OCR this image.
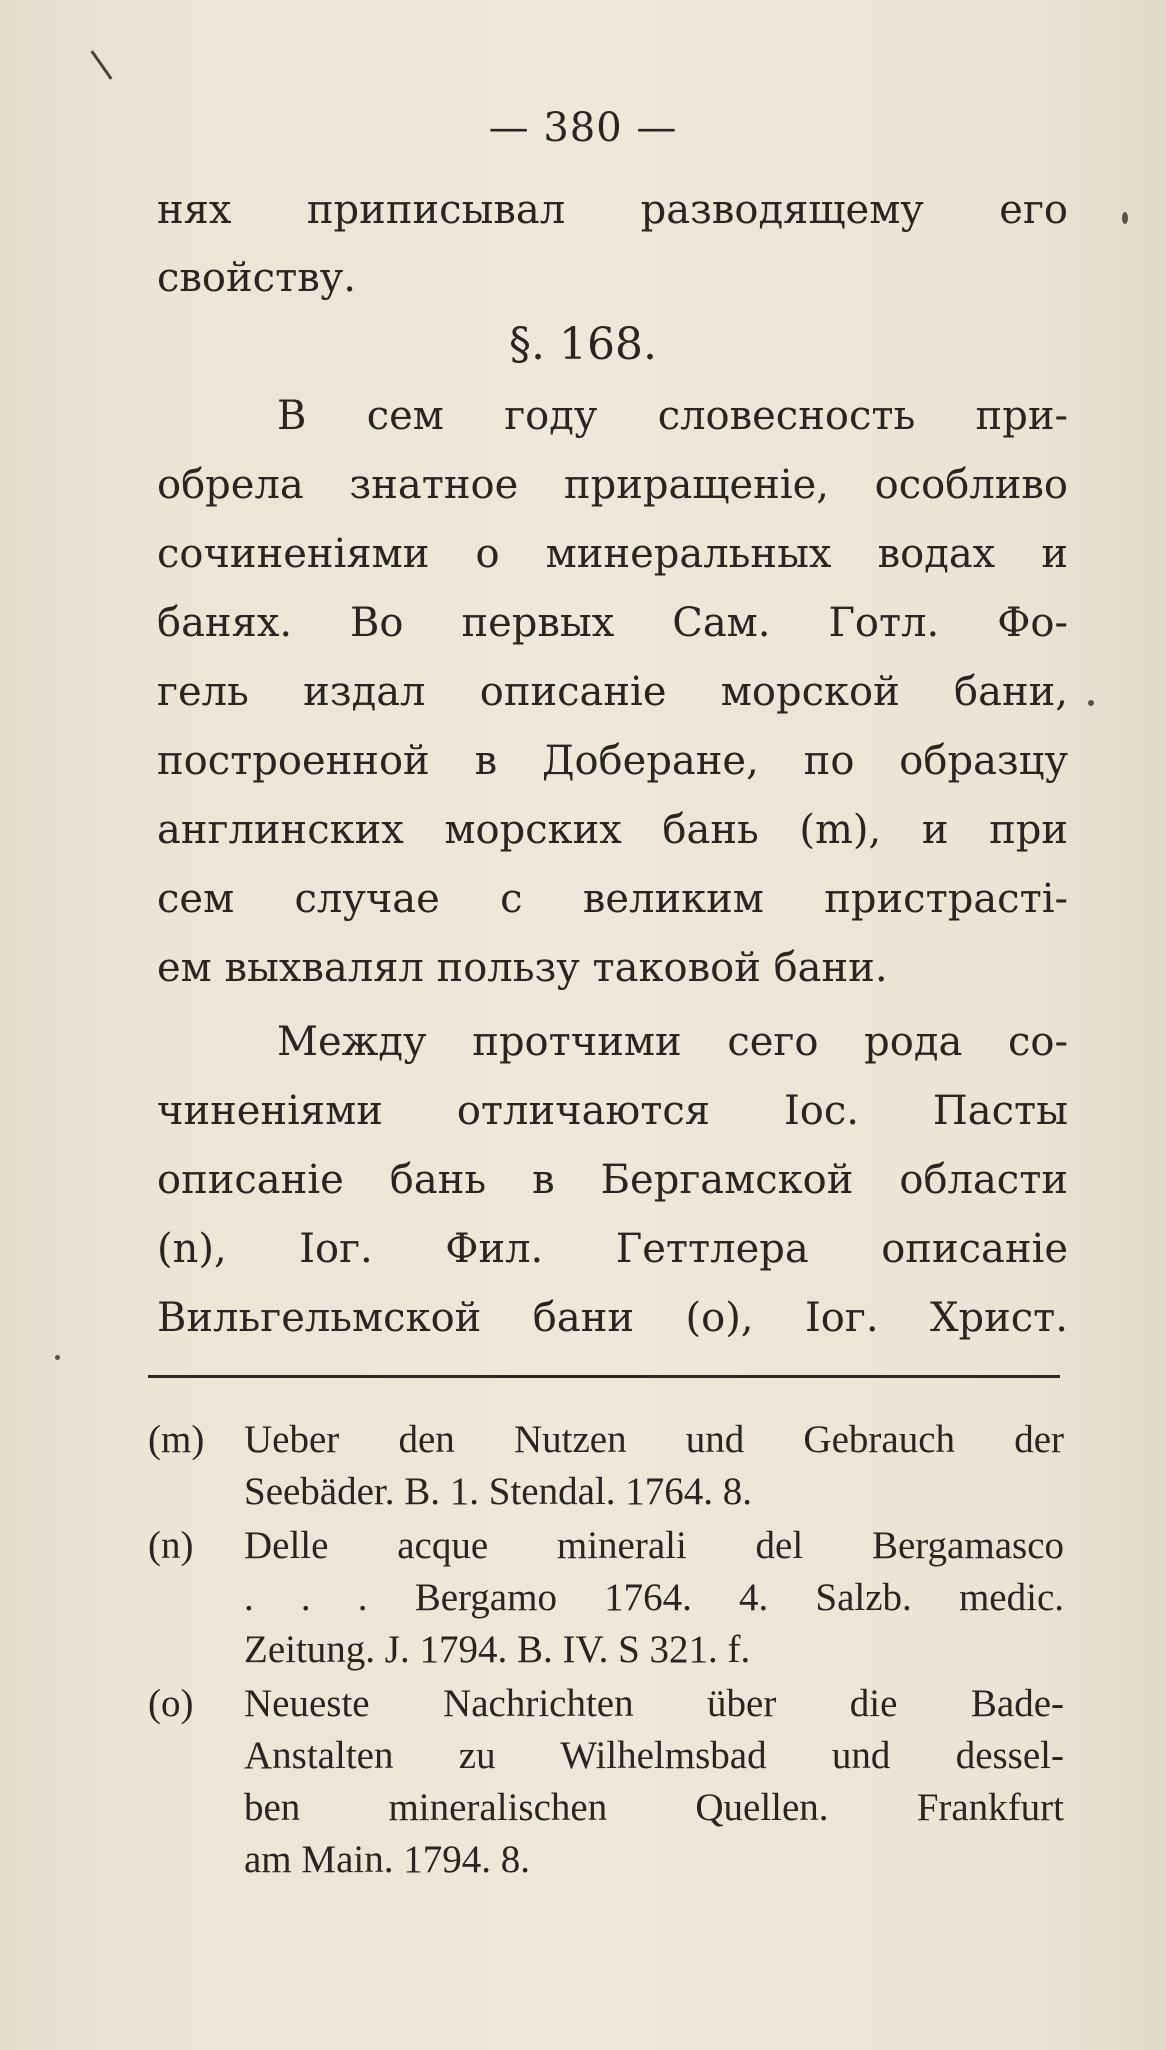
— 380 —
нях приписывал разводящему его
свойству.
§. 168.
В сем году словесность при-
обрела знатное приращеніе, особливо
сочиненіями о минеральных водах и
банях. Во первых Сам. Готл. Фо-
гель издал описаніе морской бани,
построенной в Доберане, по образцу
англинских морских бань (m), и при
сем случае с великим пристрасті-
ем выхвалял пользу таковой бани.
Между протчими сего рода со-
чиненіями отличаются Іос. Пасты
описаніе бань в Бергамской области
(n), Іог. Фил. Геттлера описаніе
Вильгельмской бани (o), Іог. Христ.
(m)	Ueber den Nutzen und Gebrauch der
Seebäder. B. 1. Stendal. 1764. 8.
(n)	Delle acque minerali del Bergamasco
. . . Bergamo 1764. 4. Salzb. medic.
Zeitung. J. 1794. B. IV. S 321. f.
(o)	Neueste Nachrichten über die Bade-
Anstalten zu Wilhelmsbad und dessel-
ben mineralischen Quellen. Frankfurt
am Main. 1794. 8.
